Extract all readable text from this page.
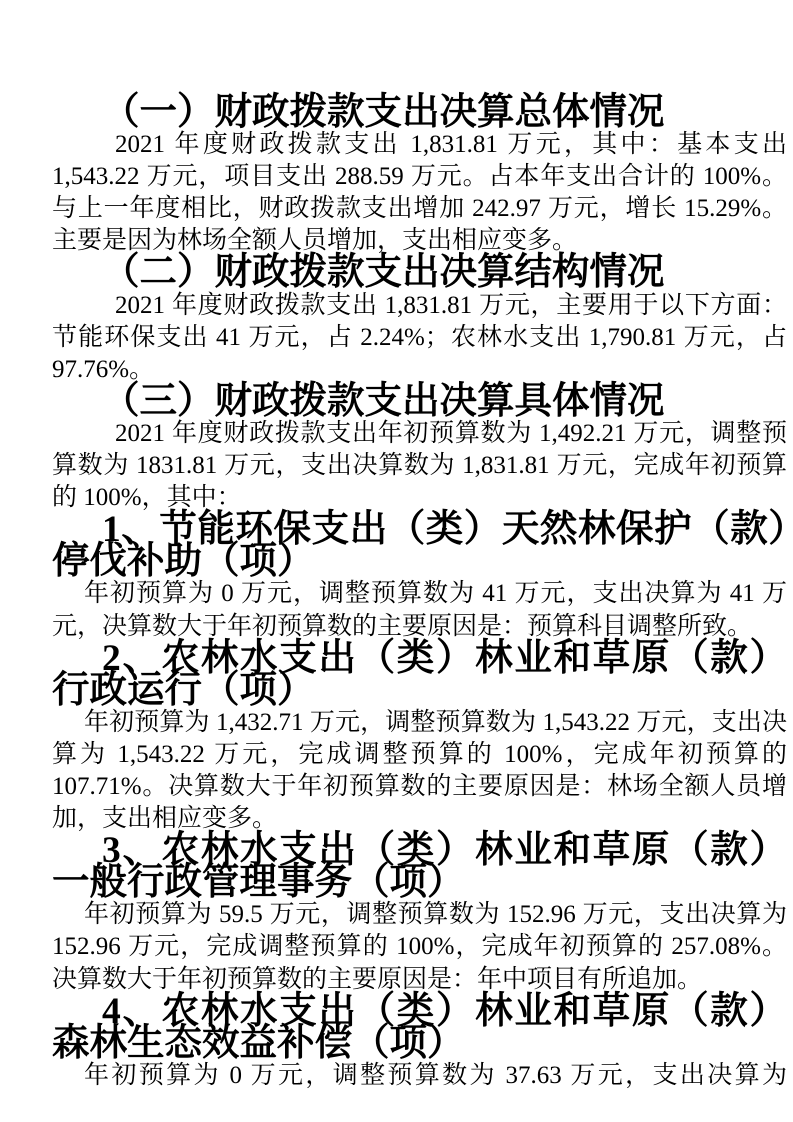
（一）财政拨款支出决算总体情况

2021 年度财政拨款支出 1,831.81 万元，其中：基本支出 1,543.22 万元，项目支出 288.59 万元。占本年支出合计的 100%。与上一年度相比，财政拨款支出增加 242.97 万元，增长 15.29%。主要是因为林场全额人员增加，支出相应变多。

（二）财政拨款支出决算结构情况

2021 年度财政拨款支出 1,831.81 万元，主要用于以下方面：节能环保支出 41 万元，占 2.24%；农林水支出 1,790.81 万元，占 97.76%。

（三）财政拨款支出决算具体情况

2021 年度财政拨款支出年初预算数为 1,492.21 万元，调整预算数为 1831.81 万元，支出决算数为 1,831.81 万元，完成年初预算的 100%，其中：

1、节能环保支出（类）天然林保护（款）停伐补助（项）

年初预算为 0 万元，调整预算数为 41 万元，支出决算为 41 万元，决算数大于年初预算数的主要原因是：预算科目调整所致。

2、农林水支出（类）林业和草原（款）行政运行（项）

年初预算为 1,432.71 万元，调整预算数为 1,543.22 万元，支出决算为 1,543.22 万元，完成调整预算的 100%，完成年初预算的 107.71%。决算数大于年初预算数的主要原因是：林场全额人员增加，支出相应变多。

3、农林水支出（类）林业和草原（款）一般行政管理事务（项）

年初预算为 59.5 万元，调整预算数为 152.96 万元，支出决算为 152.96 万元，完成调整预算的 100%，完成年初预算的 257.08%。决算数大于年初预算数的主要原因是：年中项目有所追加。

4、农林水支出（类）林业和草原（款）森林生态效益补偿（项）

年初预算为 0 万元，调整预算数为 37.63 万元，支出决算为
